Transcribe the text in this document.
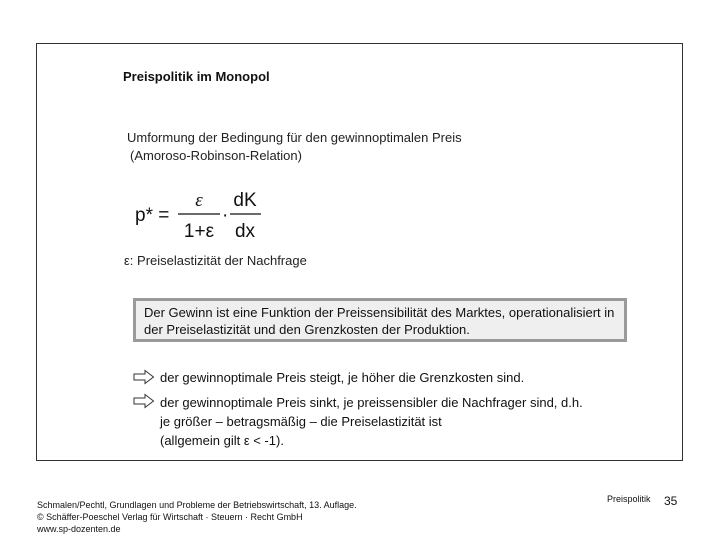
Preispolitik im Monopol
Umformung der Bedingung für den gewinnoptimalen Preis
(Amoroso-Robinson-Relation)
p* =
ε
1+ε
·
dK
dx
ε: Preiselastizität der Nachfrage
Der Gewinn ist eine Funktion der Preissensibilität des Marktes, operationalisiert in der Preiselastizität und den Grenzkosten der Produktion.
der gewinnoptimale Preis steigt, je höher die Grenzkosten sind.
der gewinnoptimale Preis sinkt, je preissensibler die Nachfrager sind, d.h.
je größer – betragsmäßig – die Preiselastizität ist
(allgemein gilt ε < -1).
Schmalen/Pechtl, Grundlagen und Probleme der Betriebswirtschaft, 13. Auflage.
© Schäffer-Poeschel Verlag für Wirtschaft · Steuern · Recht GmbH
www.sp-dozenten.de
Preispolitik 35
